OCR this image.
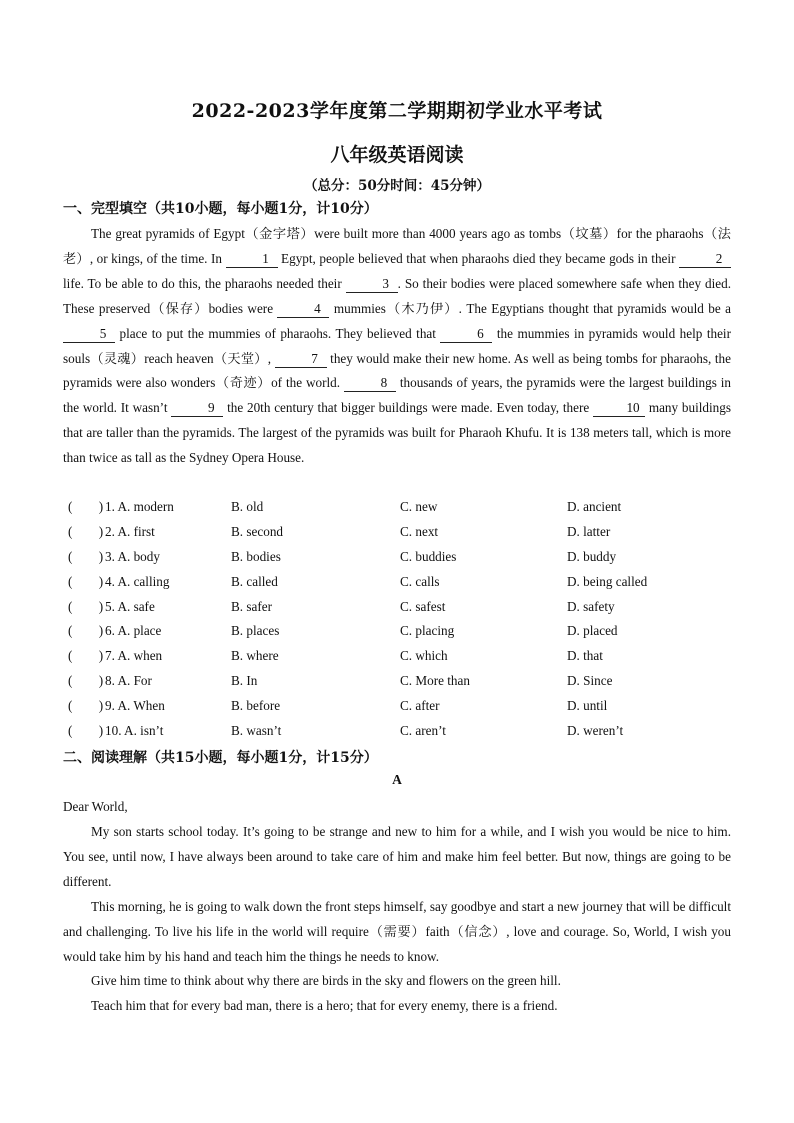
2022-2023学年度第二学期期初学业水平考试
八年级英语阅读
（总分：50分时间：45分钟）
一、完型填空（共10小题，每小题1分，计10分）
The great pyramids of Egypt（金字塔）were built more than 4000 years ago as tombs（坟墓）for the pharaohs（法老）, or kings, of the time. In	1 Egypt, people believed that when pharaohs died they became gods in their	2 life. To be able to do this, the pharaohs needed their	3 . So their bodies were placed somewhere safe when they died. These preserved（保存）bodies were	4 mummies（木乃伊）. The Egyptians thought that pyramids would be a 5 place to put the mummies of pharaohs. They believed that	6 the mummies in pyramids would help their souls（灵魂）reach heaven（天堂）,	7 they would make their new home. As well as being tombs for pharaohs, the pyramids were also wonders（奇迹）of the world.	8 thousands of years, the pyramids were the largest buildings in the world. It wasn’t	9 the 20th century that bigger buildings were made. Even today, there	10 many buildings that are taller than the pyramids. The largest of the pyramids was built for Pharaoh Khufu. It is 138 meters tall, which is more than twice as tall as the Sydney Opera House.
(　　) 1. A. modern	B. old	C. new	D. ancient
(　　) 2. A. first	B. second	C. next	D. latter
(　　) 3. A. body	B. bodies	C. buddies	D. buddy
(　　) 4. A. calling	B. called	C. calls	D. being called
(　　) 5. A. safe	B. safer	C. safest	D. safety
(　　) 6. A. place	B. places	C. placing	D. placed
(　　) 7. A. when	B. where	C. which	D. that
(　　) 8. A. For	B. In	C. More than	D. Since
(　　) 9. A. When	B. before	C. after	D. until
(　　) 10. A. isn’t	B. wasn’t	C. aren’t	D. weren’t
二、阅读理解（共15小题，每小题1分，计15分）
A
Dear World,
My son starts school today. It’s going to be strange and new to him for a while, and I wish you would be nice to him. You see, until now, I have always been around to take care of him and make him feel better. But now, things are going to be different.
This morning, he is going to walk down the front steps himself, say goodbye and start a new journey that will be difficult and challenging. To live his life in the world will require（需要）faith（信念）, love and courage. So, World, I wish you would take him by his hand and teach him the things he needs to know.
Give him time to think about why there are birds in the sky and flowers on the green hill.
Teach him that for every bad man, there is a hero; that for every enemy, there is a friend.
